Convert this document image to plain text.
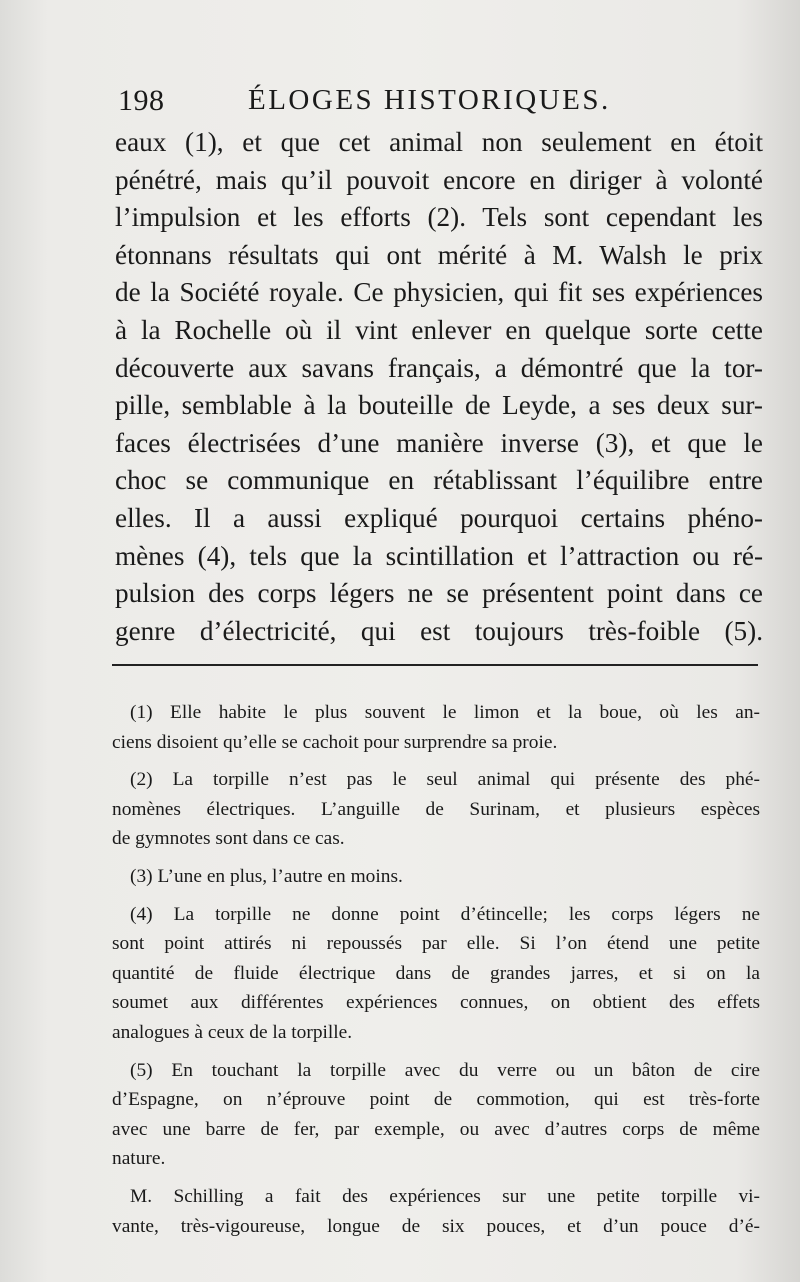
198	ÉLOGES HISTORIQUES.
eaux (1), et que cet animal non seulement en étoit
pénétré, mais qu’il pouvoit encore en diriger à volonté
l’impulsion et les efforts (2). Tels sont cependant les
étonnans résultats qui ont mérité à M. Walsh le prix
de la Société royale. Ce physicien, qui fit ses expériences
à la Rochelle où il vint enlever en quelque sorte cette
découverte aux savans français, a démontré que la tor-
pille, semblable à la bouteille de Leyde, a ses deux sur-
faces électrisées d’une manière inverse (3), et que le
choc se communique en rétablissant l’équilibre entre
elles. Il a aussi expliqué pourquoi certains phéno-
mènes (4), tels que la scintillation et l’attraction ou ré-
pulsion des corps légers ne se présentent point dans ce
genre d’électricité, qui est toujours très-foible (5).
(1) Elle habite le plus souvent le limon et la boue, où les an-
ciens disoient qu’elle se cachoit pour surprendre sa proie.
(2) La torpille n’est pas le seul animal qui présente des phé-
nomènes électriques. L’anguille de Surinam, et plusieurs espèces
de gymnotes sont dans ce cas.
(3) L’une en plus, l’autre en moins.
(4) La torpille ne donne point d’étincelle; les corps légers ne
sont point attirés ni repoussés par elle. Si l’on étend une petite
quantité de fluide électrique dans de grandes jarres, et si on la
soumet aux différentes expériences connues, on obtient des effets
analogues à ceux de la torpille.
(5) En touchant la torpille avec du verre ou un bâton de cire
d’Espagne, on n’éprouve point de commotion, qui est très-forte
avec une barre de fer, par exemple, ou avec d’autres corps de même
nature.
M. Schilling a fait des expériences sur une petite torpille vi-
vante, très-vigoureuse, longue de six pouces, et d’un pouce d’é-
